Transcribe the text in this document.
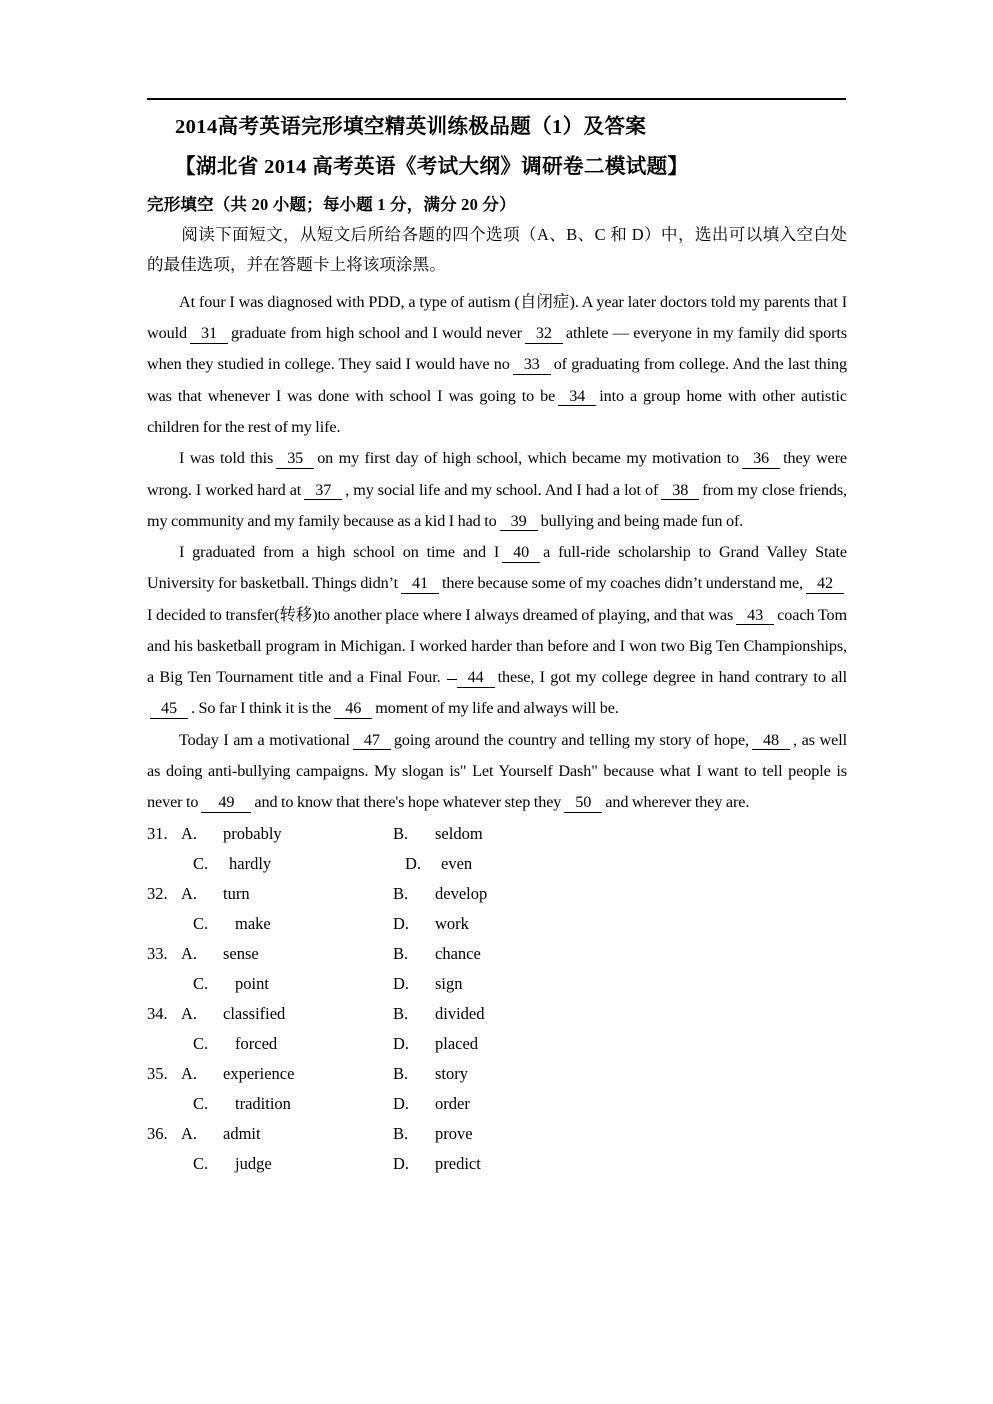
2014高考英语完形填空精英训练极品题（1）及答案
【湖北省 2014 高考英语《考试大纲》调研卷二模试题】
完形填空（共 20 小题；每小题 1 分，满分 20 分）
阅读下面短文，从短文后所给各题的四个选项（A、B、C 和 D）中，选出可以填入空白处的最佳选项，并在答题卡上将该项涂黑。

At four I was diagnosed with PDD, a type of autism (自闭症). A year later doctors told my parents that I would 31 graduate from high school and I would never 32 athlete — everyone in my family did sports when they studied in college. They said I would have no 33 of graduating from college. And the last thing was that whenever I was done with school I was going to be 34 into a group home with other autistic children for the rest of my life.

I was told this 35 on my first day of high school, which became my motivation to 36 they were wrong. I worked hard at 37 , my social life and my school. And I had a lot of 38 from my close friends, my community and my family because as a kid I had to 39 bullying and being made fun of.

I graduated from a high school on time and I 40 a full-ride scholarship to Grand Valley State University for basketball. Things didn’t 41 there because some of my coaches didn’t understand me, 42I decided to transfer(转移)to another place where I always dreamed of playing, and that was 43 coach Tom and his basketball program in Michigan. I worked harder than before and I won two Big Ten Championships, a Big Ten Tournament title and a Final Four. 44 these, I got my college degree in hand contrary to all45 . So far I think it is the 46 moment of my life and always will be.

Today I am a motivational 47 going around the country and telling my story of hope, 48 , as well as doing anti-bullying campaigns. My slogan is" Let Yourself Dash" because what I want to tell people is never to 49 and to know that there's hope whatever step they 50 and wherever they are.

31. A.	probably	B.	seldom
C.	hardly	D.	even
32. A.	turn	B.	develop
C.	make	D.	work
33. A.	sense	B.	chance
C.	point	D.	sign
34. A.	classified	B.	divided
C.	forced	D.	placed
35. A.	experience	B.	story
C.	tradition	D.	order
36. A.	admit	B.	prove
C.	judge	D.	predict
